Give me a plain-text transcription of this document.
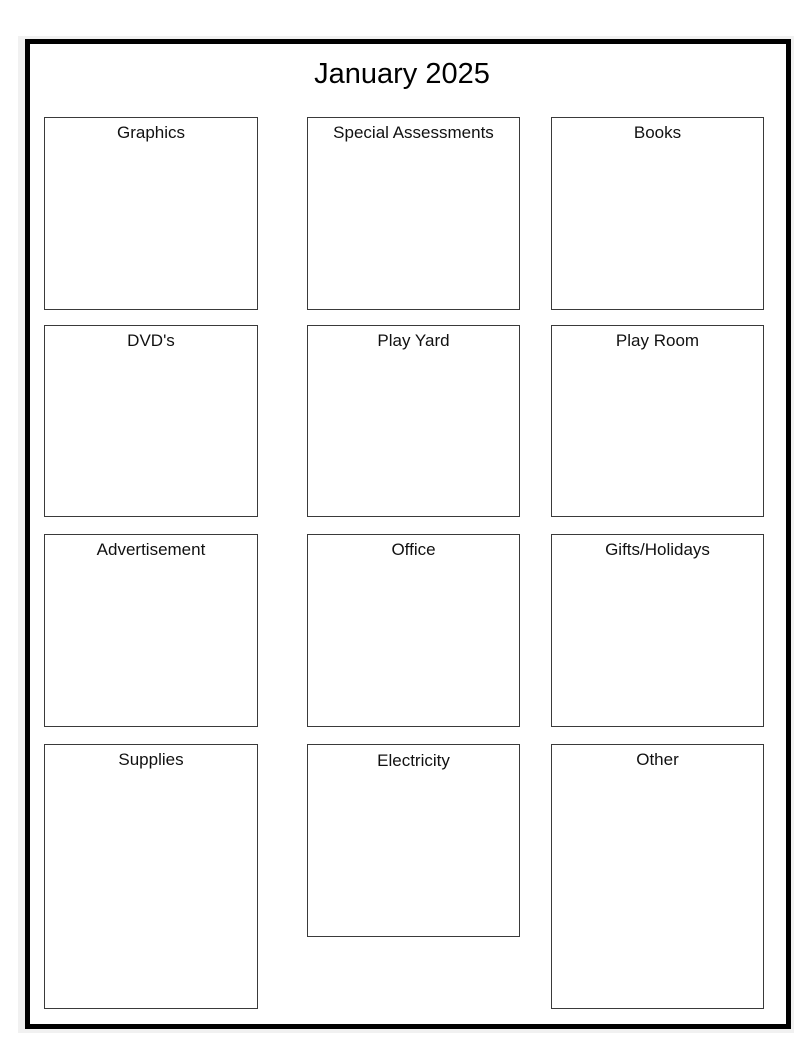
January 2025
Graphics	Special Assessments	Books
DVD's	Play Yard	Play Room
Advertisement	Office	Gifts/Holidays
Supplies	Electricity	Other
